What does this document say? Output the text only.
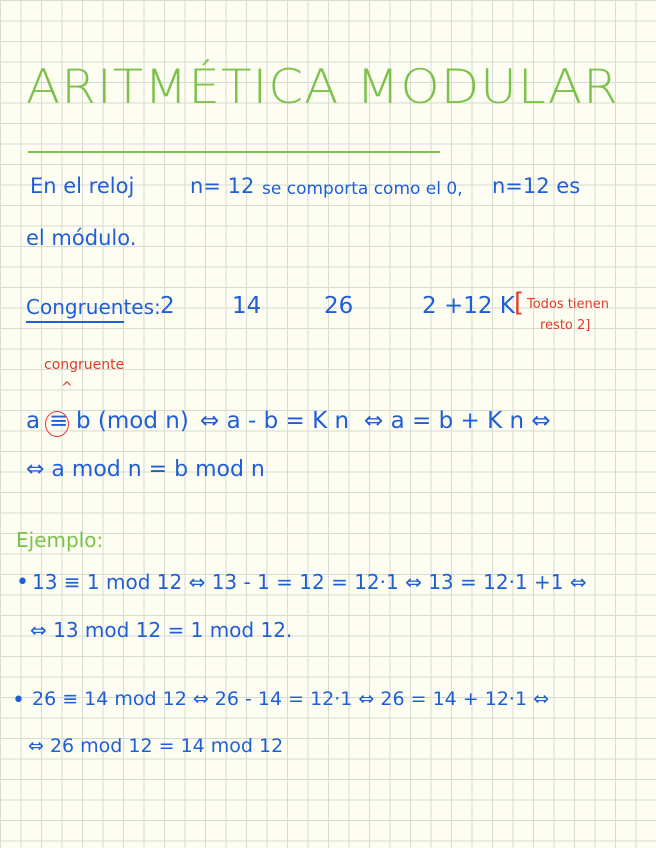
ARITMÉTICA MODULAR
En el reloj	n= 12 se comporta como el 0, n=12 es
el módulo.
Congruentes: 2 14	26	2 +12 K [ Todos tienen
resto 2]
congruente
^
a ≡ b (mod n) ⇔ a - b = K n ⇔ a = b + K n ⇔
⇔ a mod n = b mod n
Ejemplo:
• 13 ≡ 1 mod 12 ⇔ 13 - 1 = 12 = 12·1 ⇔ 13 = 12·1 +1 ⇔
⇔ 13 mod 12 = 1 mod 12.
• 26 ≡ 14 mod 12 ⇔ 26 - 14 = 12·1 ⇔ 26 = 14 + 12·1 ⇔
⇔ 26 mod 12 = 14 mod 12
